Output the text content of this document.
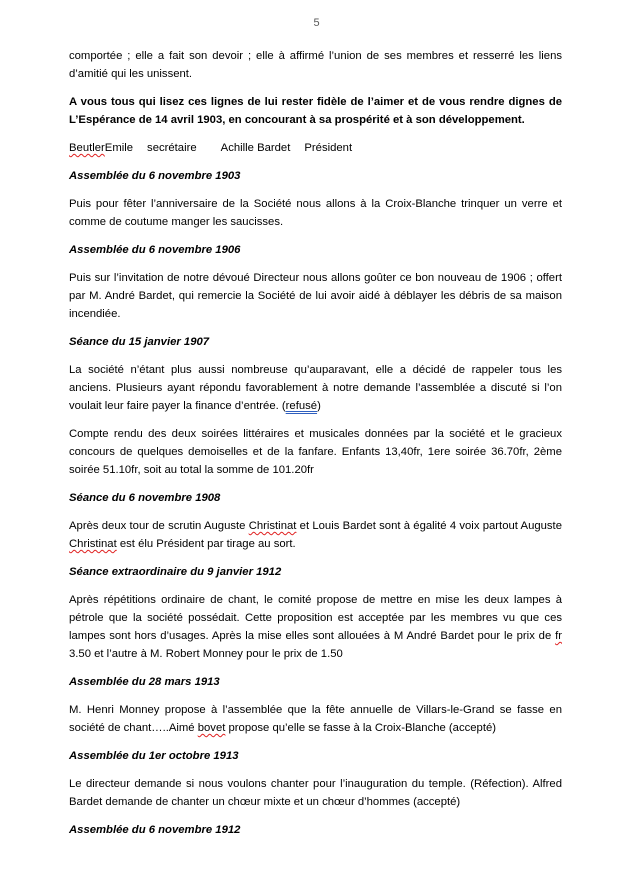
5

comportée ; elle a fait son devoir ; elle à affirmé l’union de ses membres et resserré les liens d’amitié qui les unissent.

A vous tous qui lisez ces lignes de lui rester fidèle de l’aimer et de vous rendre dignes de L’Espérance de 14 avril 1903, en concourant à sa prospérité et à son développement.

BeutlerEmile secrétaire Achille Bardet Président

Assemblée du 6 novembre 1903

Puis pour fêter l’anniversaire de la Société nous allons à la Croix-Blanche trinquer un verre et comme de coutume manger les saucisses.

Assemblée du 6 novembre 1906

Puis sur l’invitation de notre dévoué Directeur nous allons goûter ce bon nouveau de 1906 ; offert par M. André Bardet, qui remercie la Société de lui avoir aidé à déblayer les débris de sa maison incendiée.

Séance du 15 janvier 1907

La société n’étant plus aussi nombreuse qu’auparavant, elle a décidé de rappeler tous les anciens. Plusieurs ayant répondu favorablement à notre demande l’assemblée a discuté si l’on voulait leur faire payer la finance d’entrée. (refusé)

Compte rendu des deux soirées littéraires et musicales données par la société et le gracieux concours de quelques demoiselles et de la fanfare. Enfants 13,40fr, 1ere soirée 36.70fr, 2ème soirée 51.10fr, soit au total la somme de 101.20fr

Séance du 6 novembre 1908

Après deux tour de scrutin Auguste Christinat et Louis Bardet sont à égalité 4 voix partout Auguste Christinat est élu Président par tirage au sort.

Séance extraordinaire du 9 janvier 1912

Après répétitions ordinaire de chant, le comité propose de mettre en mise les deux lampes à pétrole que la société possédait. Cette proposition est acceptée par les membres vu que ces lampes sont hors d’usages. Après la mise elles sont allouées à M André Bardet pour le prix de fr 3.50 et l’autre à M. Robert Monney pour le prix de 1.50

Assemblée du 28 mars 1913

M. Henri Monney propose à l’assemblée que la fête annuelle de Villars-le-Grand se fasse en société de chant…..Aimé bovet propose qu’elle se fasse à la Croix-Blanche (accepté)

Assemblée du 1er octobre 1913

Le directeur demande si nous voulons chanter pour l’inauguration du temple. (Réfection). Alfred Bardet demande de chanter un chœur mixte et un chœur d’hommes (accepté)

Assemblée du 6 novembre 1912
